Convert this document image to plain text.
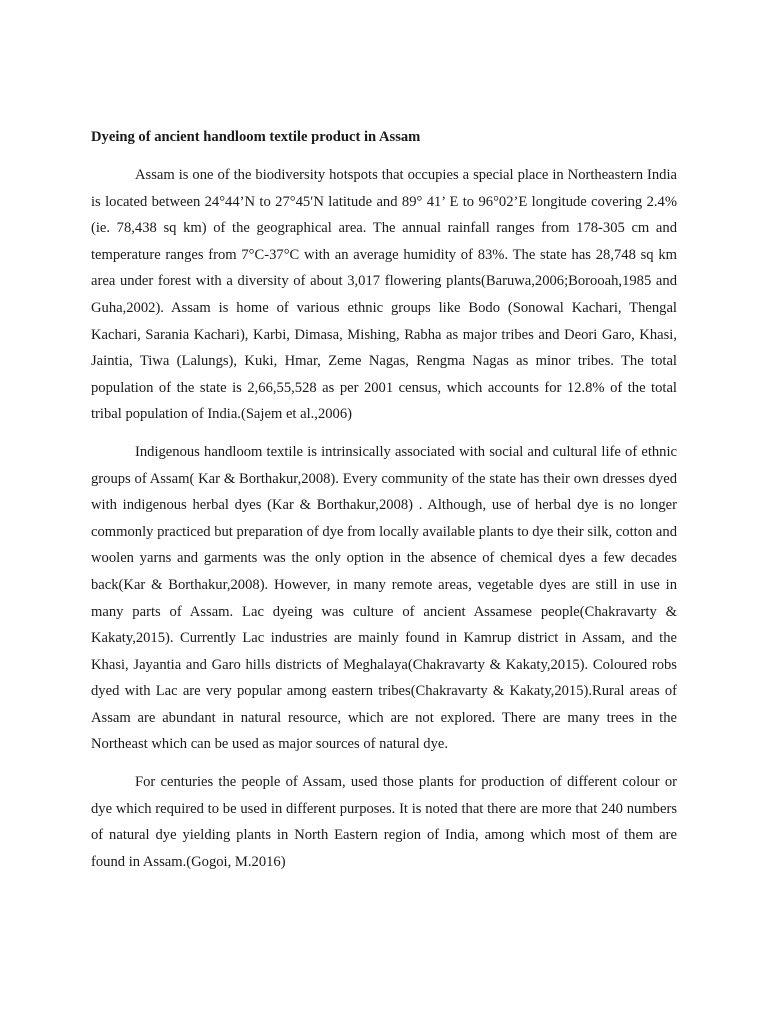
Dyeing of ancient handloom textile product in Assam

Assam is one of the biodiversity hotspots that occupies a special place in Northeastern India is located between 24°44’N to 27°45′N latitude and 89° 41’ E to 96°02’E longitude covering 2.4% (ie. 78,438 sq km) of the geographical area. The annual rainfall ranges from 178-305 cm and temperature ranges from 7°C-37°C with an average humidity of 83%. The state has 28,748 sq km area under forest with a diversity of about 3,017 flowering plants(Baruwa,2006;Borooah,1985 and Guha,2002). Assam is home of various ethnic groups like Bodo (Sonowal Kachari, Thengal Kachari, Sarania Kachari), Karbi, Dimasa, Mishing, Rabha as major tribes and Deori Garo, Khasi, Jaintia, Tiwa (Lalungs), Kuki, Hmar, Zeme Nagas, Rengma Nagas as minor tribes. The total population of the state is 2,66,55,528 as per 2001 census, which accounts for 12.8% of the total tribal population of India.(Sajem et al.,2006)

Indigenous handloom textile is intrinsically associated with social and cultural life of ethnic groups of Assam( Kar & Borthakur,2008). Every community of the state has their own dresses dyed with indigenous herbal dyes (Kar & Borthakur,2008) . Although, use of herbal dye is no longer commonly practiced but preparation of dye from locally available plants to dye their silk, cotton and woolen yarns and garments was the only option in the absence of chemical dyes a few decades back(Kar & Borthakur,2008). However, in many remote areas, vegetable dyes are still in use in many parts of Assam. Lac dyeing was culture of ancient Assamese people(Chakravarty & Kakaty,2015). Currently Lac industries are mainly found in Kamrup district in Assam, and the Khasi, Jayantia and Garo hills districts of Meghalaya(Chakravarty & Kakaty,2015). Coloured robs dyed with Lac are very popular among eastern tribes(Chakravarty & Kakaty,2015).Rural areas of Assam are abundant in natural resource, which are not explored. There are many trees in the Northeast which can be used as major sources of natural dye.

For centuries the people of Assam, used those plants for production of different colour or dye which required to be used in different purposes. It is noted that there are more that 240 numbers of natural dye yielding plants in North Eastern region of India, among which most of them are found in Assam.(Gogoi, M.2016)
